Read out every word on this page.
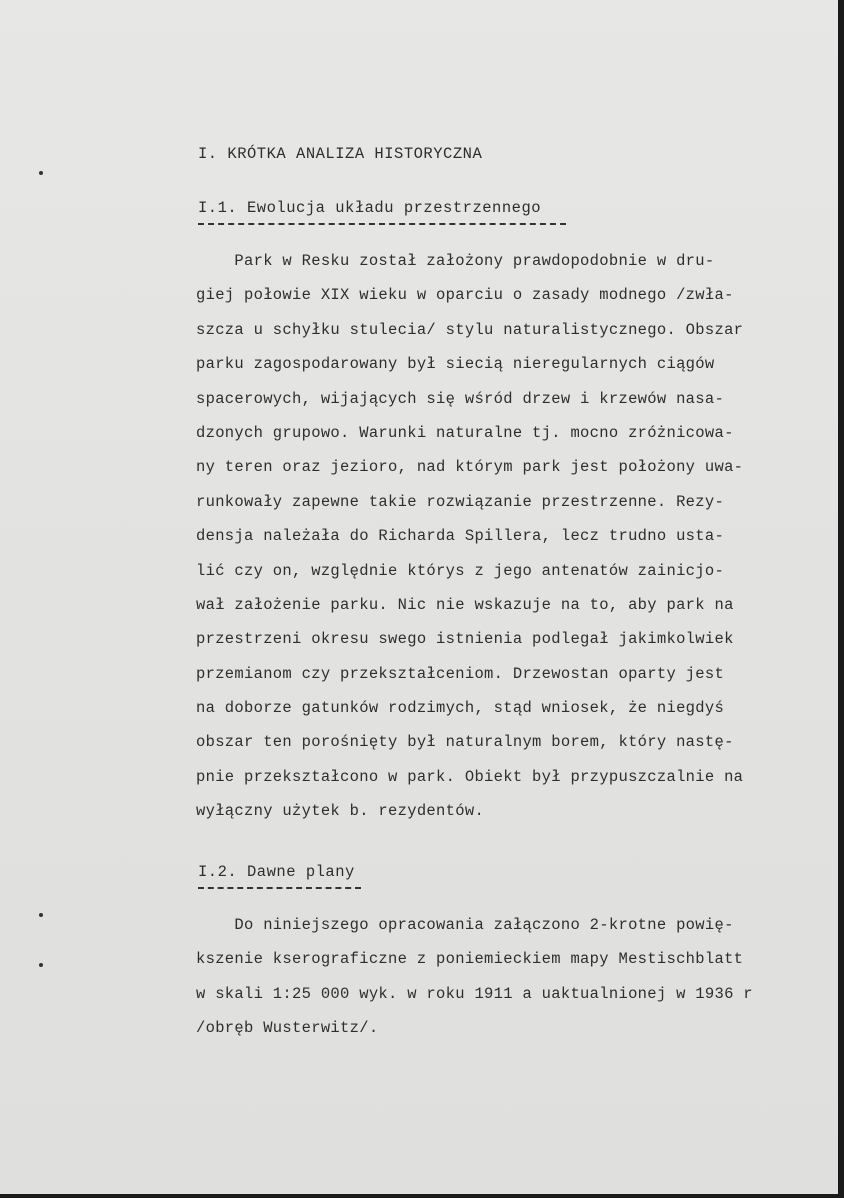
I. KRÓTKA ANALIZA HISTORYCZNA
I.1. Ewolucja układu przestrzennego
Park w Resku został założony prawdopodobnie w dru-
giej połowie XIX wieku w oparciu o zasady modnego /zwła-
szcza u schyłku stulecia/ stylu naturalistycznego. Obszar
parku zagospodarowany był siecią nieregularnych ciągów
spacerowych, wijających się wśród drzew i krzewów nasa-
dzonych grupowo. Warunki naturalne tj. mocno zróżnicowa-
ny teren oraz jezioro, nad którym park jest położony uwa-
runkowały zapewne takie rozwiązanie przestrzenne. Rezy-
densja należała do Richarda Spillera, lecz trudno usta-
lić czy on, względnie którys z jego antenatów zainicjo-
wał założenie parku. Nic nie wskazuje na to, aby park na
przestrzeni okresu swego istnienia podlegał jakimkolwiek
przemianom czy przekształceniom. Drzewostan oparty jest
na doborze gatunków rodzimych, stąd wniosek, że niegdyś
obszar ten porośnięty był naturalnym borem, który nastę-
pnie przekształcono w park. Obiekt był przypuszczalnie na
wyłączny użytek b. rezydentów.
I.2. Dawne plany
Do niniejszego opracowania załączono 2-krotne powię-
kszenie kserograficzne z poniemieckiem mapy Mestischblatt
w skali 1:25 000 wyk. w roku 1911 a uaktualnionej w 1936 r
/obręb Wusterwitz/.
